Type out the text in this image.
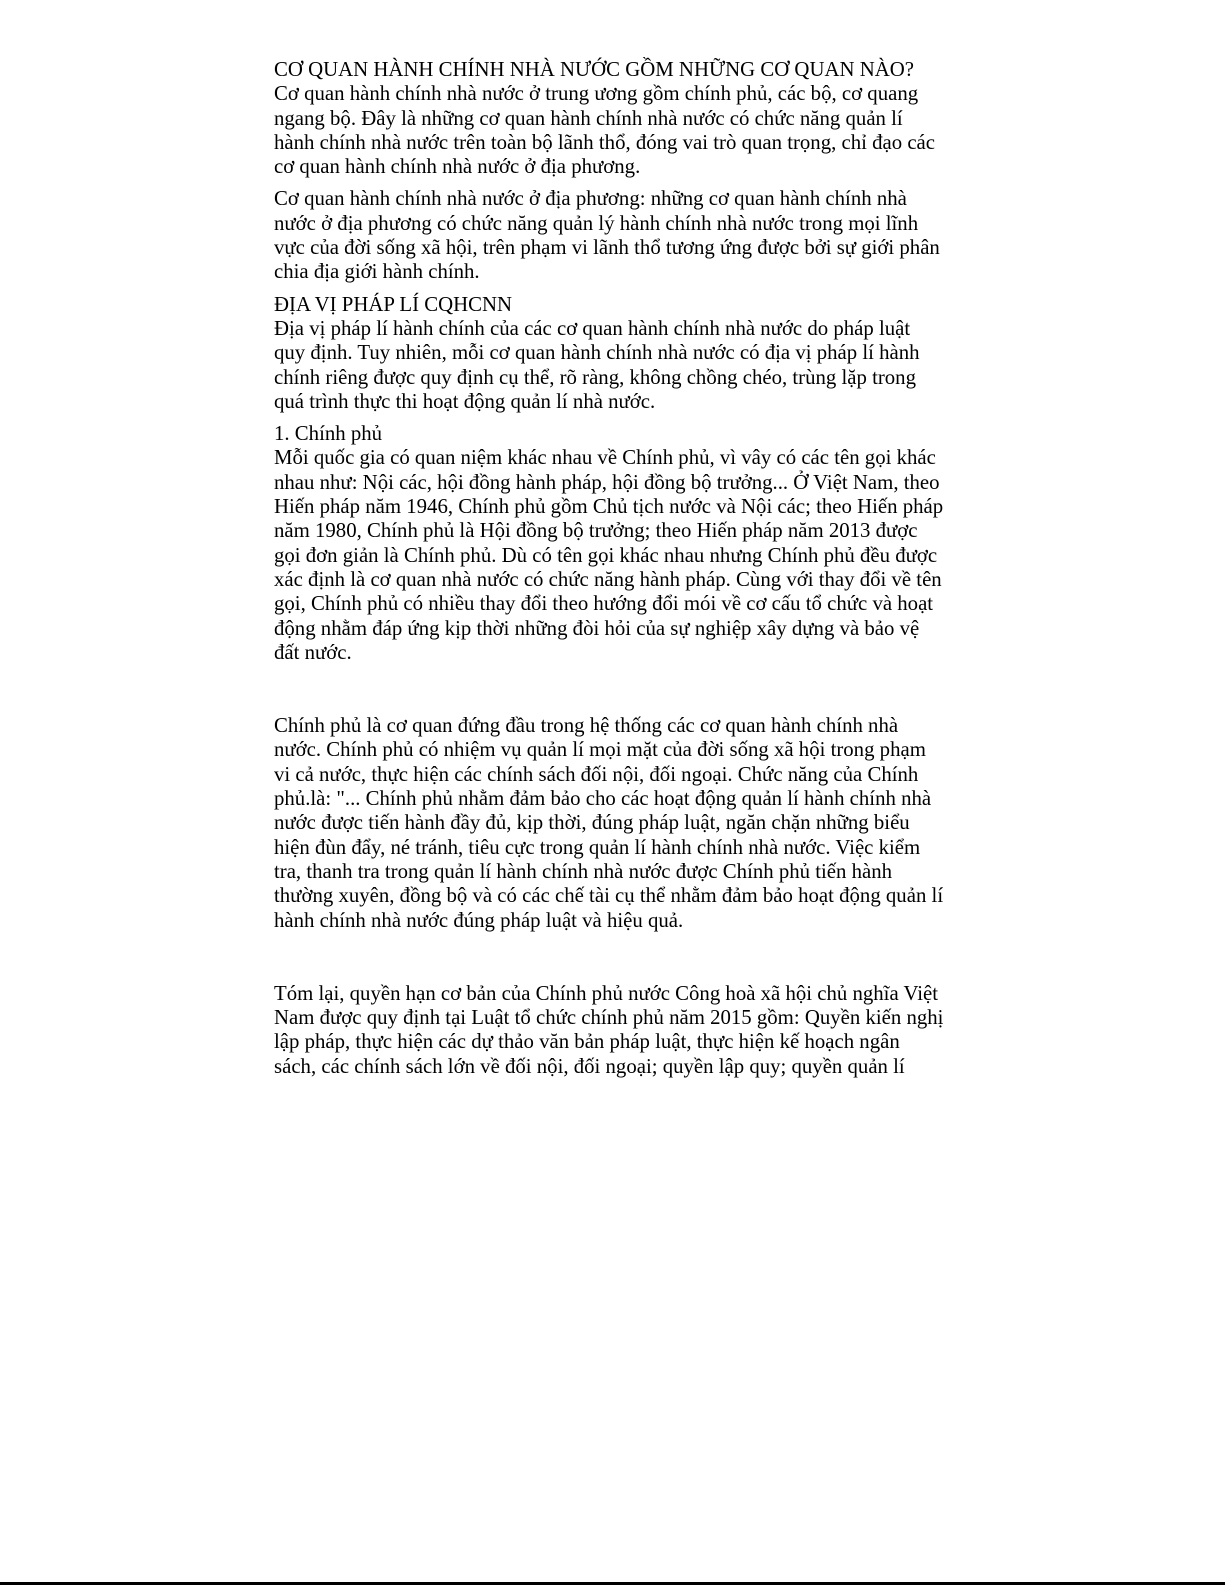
CƠ QUAN HÀNH CHÍNH NHÀ NƯỚC GỒM NHỮNG CƠ QUAN NÀO?

Cơ quan hành chính nhà nước ở trung ương gồm chính phủ, các bộ, cơ quang

ngang bộ. Đây là những cơ quan hành chính nhà nước có chức năng quản lí

hành chính nhà nước trên toàn bộ lãnh thổ, đóng vai trò quan trọng, chỉ đạo các

cơ quan hành chính nhà nước ở địa phương.

Cơ quan hành chính nhà nước ở địa phương: những cơ quan hành chính nhà

nước ở địa phương có chức năng quản lý hành chính nhà nước trong mọi lĩnh

vực của đời sống xã hội, trên phạm vi lãnh thổ tương ứng được bởi sự giới phân

chia địa giới hành chính.

ĐỊA VỊ PHÁP LÍ CQHCNN

Địa vị pháp lí hành chính của các cơ quan hành chính nhà nước do pháp luật

quy định. Tuy nhiên, mỗi cơ quan hành chính nhà nước có địa vị pháp lí hành

chính riêng được quy định cụ thể, rõ ràng, không chồng chéo, trùng lặp trong

quá trình thực thi hoạt động quản lí nhà nước.

1. Chính phủ

Mỗi quốc gia có quan niệm khác nhau về Chính phủ, vì vây có các tên gọi khác

nhau như: Nội các, hội đồng hành pháp, hội đồng bộ trưởng... Ở Việt Nam, theo

Hiến pháp năm 1946, Chính phủ gồm Chủ tịch nước và Nội các; theo Hiến pháp

năm 1980, Chính phủ là Hội đồng bộ trưởng; theo Hiến pháp năm 2013 được

gọi đơn giản là Chính phủ. Dù có tên gọi khác nhau nhưng Chính phủ đều được

xác định là cơ quan nhà nước có chức năng hành pháp. Cùng với thay đổi về tên

gọi, Chính phủ có nhiều thay đổi theo hướng đổi mói về cơ cấu tổ chức và hoạt

động nhằm đáp ứng kịp thời những đòi hỏi của sự nghiệp xây dựng và bảo vệ

đất nước.

Chính phủ là cơ quan đứng đầu trong hệ thống các cơ quan hành chính nhà

nước. Chính phủ có nhiệm vụ quản lí mọi mặt của đời sống xã hội trong phạm

vi cả nước, thực hiện các chính sách đối nội, đối ngoại. Chức năng của Chính

phủ.là: "... Chính phủ nhằm đảm bảo cho các hoạt động quản lí hành chính nhà

nước được tiến hành đầy đủ, kịp thời, đúng pháp luật, ngăn chặn những biểu

hiện đùn đẩy, né tránh, tiêu cực trong quản lí hành chính nhà nước. Việc kiểm

tra, thanh tra trong quản lí hành chính nhà nước được Chính phủ tiến hành

thường xuyên, đồng bộ và có các chế tài cụ thể nhằm đảm bảo hoạt động quản lí

hành chính nhà nước đúng pháp luật và hiệu quả.

Tóm lại, quyền hạn cơ bản của Chính phủ nước Công hoà xã hội chủ nghĩa Việt

Nam được quy định tại Luật tổ chức chính phủ năm 2015 gồm: Quyền kiến nghị

lập pháp, thực hiện các dự thảo văn bản pháp luật, thực hiện kế hoạch ngân

sách, các chính sách lớn về đối nội, đối ngoại; quyền lập quy; quyền quản lí
